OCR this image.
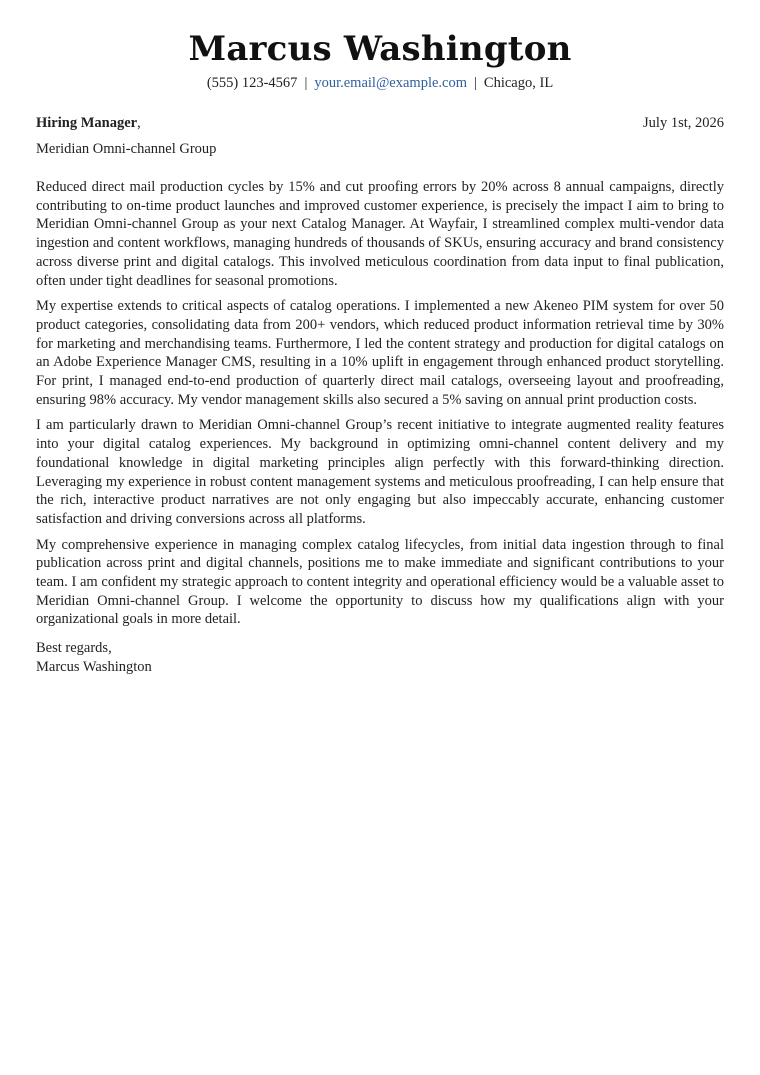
Marcus Washington
(555) 123-4567 | your.email@example.com | Chicago, IL
Hiring Manager,	July 1st, 2026
Meridian Omni-channel Group

Reduced direct mail production cycles by 15% and cut proofing errors by 20% across 8 annual campaigns, directly contributing to on-time product launches and improved customer experience, is precisely the impact I aim to bring to Meridian Omni-channel Group as your next Catalog Manager. At Wayfair, I streamlined complex multi-vendor data ingestion and content workflows, managing hundreds of thousands of SKUs, ensuring accuracy and brand consistency across diverse print and digital catalogs. This involved meticulous coordination from data input to final publication, often under tight deadlines for seasonal promotions.

My expertise extends to critical aspects of catalog operations. I implemented a new Akeneo PIM system for over 50 product categories, consolidating data from 200+ vendors, which reduced product information retrieval time by 30% for marketing and merchandising teams. Furthermore, I led the content strategy and production for digital catalogs on an Adobe Experience Manager CMS, resulting in a 10% uplift in engagement through enhanced product storytelling. For print, I managed end-to-end production of quarterly direct mail catalogs, overseeing layout and proofreading, ensuring 98% accuracy. My vendor management skills also secured a 5% saving on annual print production costs.

I am particularly drawn to Meridian Omni-channel Group’s recent initiative to integrate augmented reality features into your digital catalog experiences. My background in optimizing omni-channel content delivery and my foundational knowledge in digital marketing principles align perfectly with this forward-thinking direction. Leveraging my experience in robust content management systems and meticulous proofreading, I can help ensure that the rich, interactive product narratives are not only engaging but also impeccably accurate, enhancing customer satisfaction and driving conversions across all platforms.

My comprehensive experience in managing complex catalog lifecycles, from initial data ingestion through to final publication across print and digital channels, positions me to make immediate and significant contributions to your team. I am confident my strategic approach to content integrity and operational efficiency would be a valuable asset to Meridian Omni-channel Group. I welcome the opportunity to discuss how my qualifications align with your organizational goals in more detail.

Best regards,
Marcus Washington
